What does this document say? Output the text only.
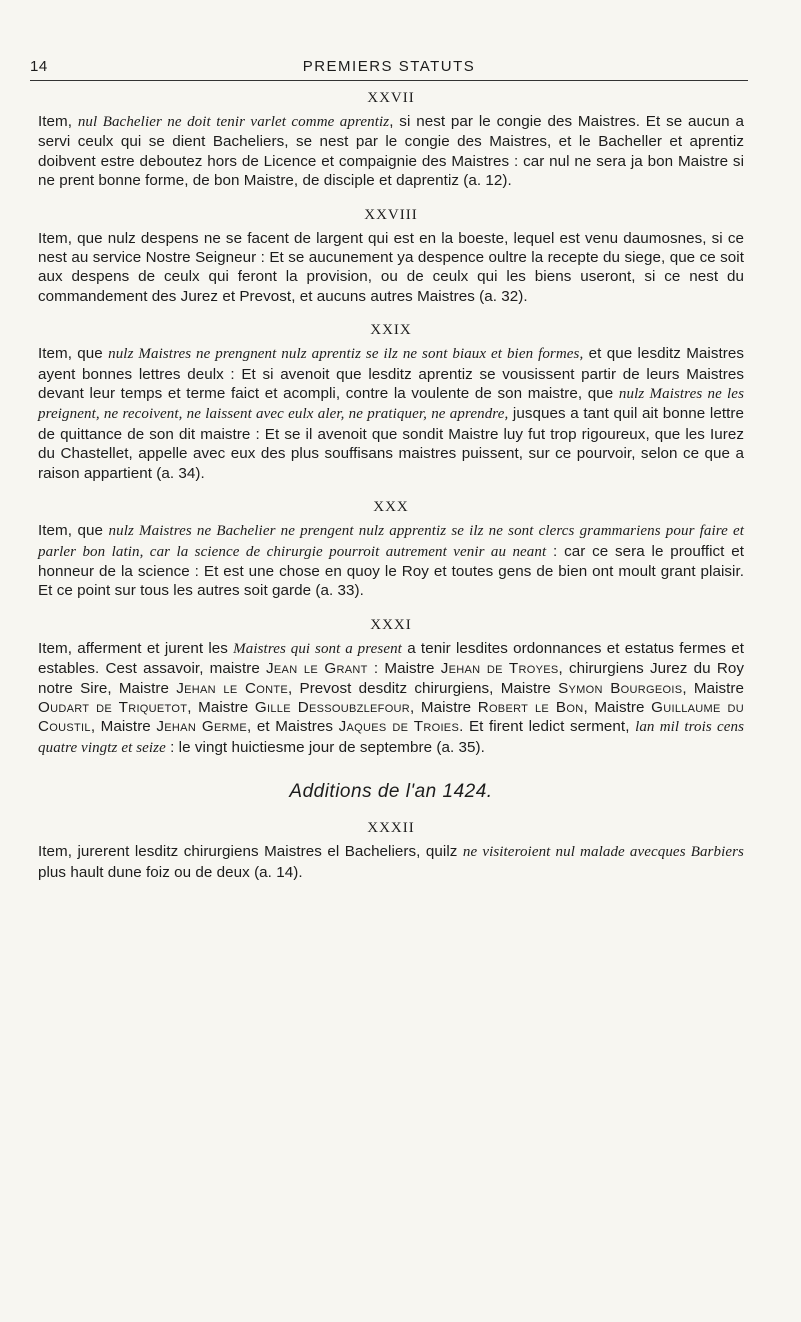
14	PREMIERS STATUTS
XXVII

Item, nul Bachelier ne doit tenir varlet comme aprentiz, si nest par le congie des Maistres. Et se aucun a servi ceulx qui se dient Bacheliers, se nest par le congie des Maistres, et le Bacheller et aprentiz doibvent estre deboutez hors de Licence et compaignie des Maistres : car nul ne sera ja bon Maistre si ne prent bonne forme, de bon Maistre, de disciple et daprentiz (a. 12).

XXVIII

Item, que nulz despens ne se facent de largent qui est en la boeste, lequel est venu daumosnes, si ce nest au service Nostre Seigneur : Et se aucunement ya despence oultre la recepte du siege, que ce soit aux despens de ceulx qui feront la provision, ou de ceulx qui les biens useront, si ce nest du commandement des Jurez et Prevost, et aucuns autres Maistres (a. 32).

XXIX

Item, que nulz Maistres ne prengnent nulz aprentiz se ilz ne sont biaux et bien formes, et que lesditz Maistres ayent bonnes lettres deulx : Et si avenoit que lesditz aprentiz se vousissent partir de leurs Maistres devant leur temps et terme faict et acompli, contre la voulente de son maistre, que nulz Maistres ne les preignent, ne recoivent, ne laissent avec eulx aler, ne pratiquer, ne aprendre, jusques a tant quil ait bonne lettre de quittance de son dit maistre : Et se il avenoit que sondit Maistre luy fut trop rigoureux, que les Iurez du Chastellet, appelle avec eux des plus souffisans maistres puissent, sur ce pourvoir, selon ce que a raison appartient (a. 34).

XXX

Item, que nulz Maistres ne Bachelier ne prengent nulz apprentiz se ilz ne sont clercs grammariens pour faire et parler bon latin, car la science de chirurgie pourroit autrement venir au neant : car ce sera le prouffict et honneur de la science : Et est une chose en quoy le Roy et toutes gens de bien ont moult grant plaisir. Et ce point sur tous les autres soit garde (a. 33).

XXXI

Item, afferment et jurent les Maistres qui sont a present a tenir lesdites ordonnances et estatus fermes et estables. Cest assavoir, maistre Jean le Grant : Maistre Jehan de Troyes, chirurgiens Jurez du Roy notre Sire, Maistre Jehan le Conte, Prevost desditz chirurgiens, Maistre Symon Bourgeois, Maistre Oudart de Triquetot, Maistre Gille Dessoubzlefour, Maistre Robert le Bon, Maistre Guillaume du Coustil, Maistre Jehan Germe, et Maistres Jaques de Troies. Et firent ledict serment, lan mil trois cens quatre vingtz et seize : le vingt huictiesme jour de septembre (a. 35).

Additions de l'an 1424.
XXXII

Item, jurerent lesditz chirurgiens Maistres el Bacheliers, quilz ne visiteroient nul malade avecques Barbiers plus hault dune foiz ou de deux (a. 14).
